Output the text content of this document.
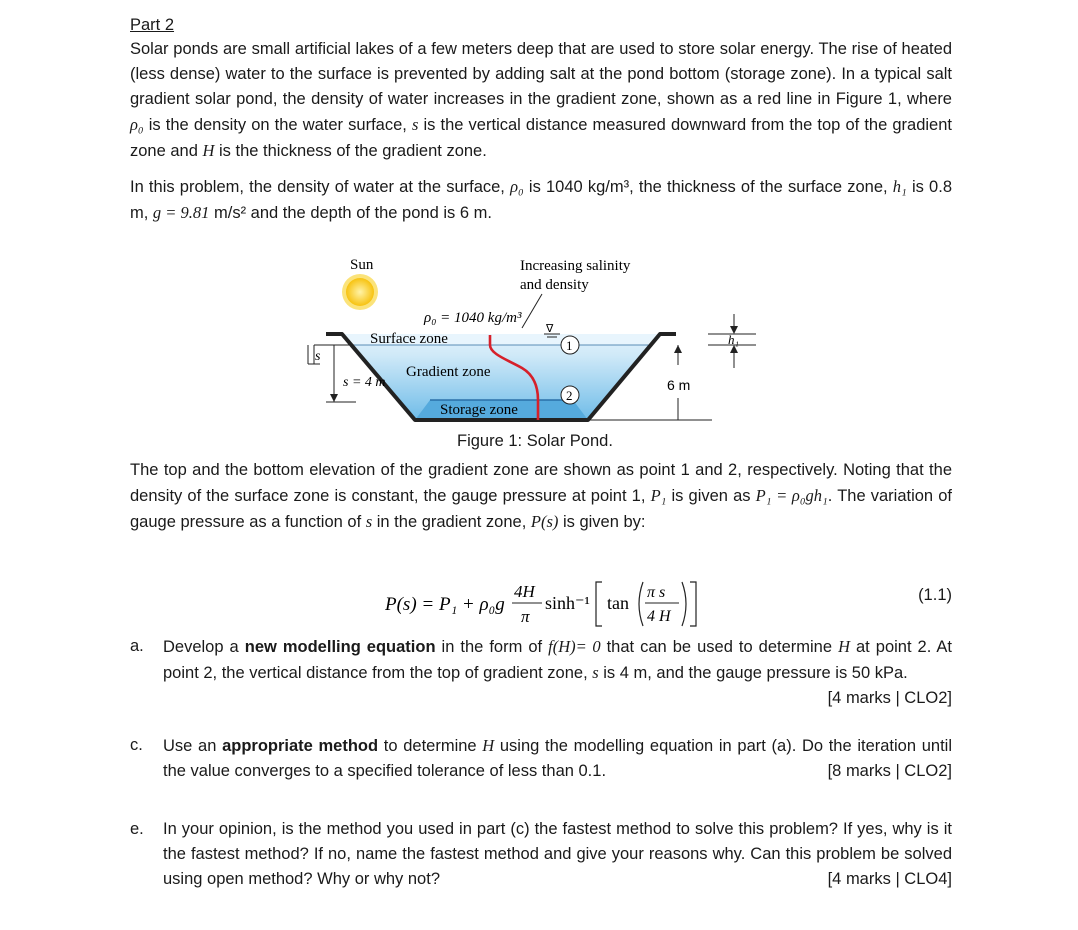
Part 2

Solar ponds are small artificial lakes of a few meters deep that are used to store solar energy. The rise of heated (less dense) water to the surface is prevented by adding salt at the pond bottom (storage zone). In a typical salt gradient solar pond, the density of water increases in the gradient zone, shown as a red line in Figure 1, where ρ₀ is the density on the water surface, s is the vertical distance measured downward from the top of the gradient zone and H is the thickness of the gradient zone.

In this problem, the density of water at the surface, ρ₀ is 1040 kg/m³, the thickness of the surface zone, h₁ is 0.8 m, g = 9.81 m/s² and the depth of the pond is 6 m.

Sun	Increasing salinity
and density
ρ₀ = 1040 kg/m³
∇
1
2
Surface zone
Gradient zone
Storage zone
s
s = 4 m	6 m
h₁
Figure 1: Solar Pond.

The top and the bottom elevation of the gradient zone are shown as point 1 and 2, respectively. Noting that the density of the surface zone is constant, the gauge pressure at point 1, P₁ is given as P₁ = ρ₀gh₁. The variation of gauge pressure as a function of s in the gradient zone, P(s) is given by:

P(s) = P₁ + ρ₀g
4H
π
sinh⁻¹ tan
π s
4 H
(1.1)
a. Develop a new modelling equation in the form of f(H)= 0 that can be used to determine H at point 2. At point 2, the vertical distance from the top of gradient zone, s is 4 m, and the gauge pressure is 50 kPa.
[4 marks | CLO2]
c. Use an appropriate method to determine H using the modelling equation in part (a). Do the iteration until the value converges to a specified tolerance of less than 0.1.	[8 marks | CLO2]
e. In your opinion, is the method you used in part (c) the fastest method to solve this problem? If yes, why is it the fastest method? If no, name the fastest method and give your reasons why. Can this problem be solved using open method? Why or why not?	[4 marks | CLO4]
